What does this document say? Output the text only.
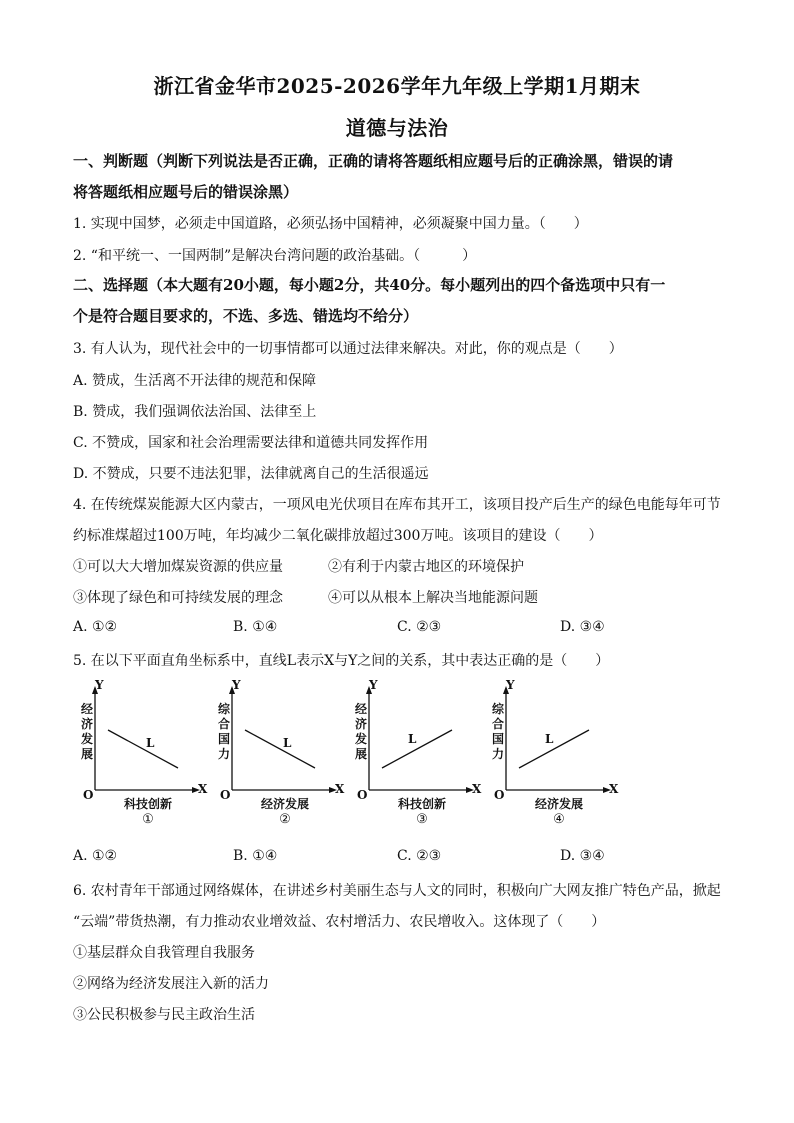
浙江省金华市2025-2026学年九年级上学期1月期末
道德与法治
一、判断题（判断下列说法是否正确，正确的请将答题纸相应题号后的正确涂黑，错误的请
将答题纸相应题号后的错误涂黑）
1. 实现中国梦，必须走中国道路，必须弘扬中国精神，必须凝聚中国力量。（　　）
2. “和平统一、一国两制”是解决台湾问题的政治基础。（　　　）
二、选择题（本大题有20小题，每小题2分，共40分。每小题列出的四个备选项中只有一
个是符合题目要求的，不选、多选、错选均不给分）
3. 有人认为，现代社会中的一切事情都可以通过法律来解决。对此，你的观点是（　　）
A. 赞成，生活离不开法律的规范和保障
B. 赞成，我们强调依法治国、法律至上
C. 不赞成，国家和社会治理需要法律和道德共同发挥作用
D. 不赞成，只要不违法犯罪，法律就离自己的生活很遥远
4. 在传统煤炭能源大区内蒙古，一项风电光伏项目在库布其开工，该项目投产后生产的绿色电能每年可节
约标准煤超过100万吨，年均减少二氧化碳排放超过300万吨。该项目的建设（　　）
①可以大大增加煤炭资源的供应量	②有利于内蒙古地区的环境保护
③体现了绿色和可持续发展的理念	④可以从根本上解决当地能源问题
A. ①②	B. ①④	C. ②③	D. ③④
5. 在以下平面直角坐标系中，直线L表示X与Y之间的关系，其中表达正确的是（　　）
Y
X
O
经济发展
L
科技创新
①
Y
X
O
综合国力
L
经济发展
②
Y
X
O
经济发展
L
科技创新
③
Y
X
O
综合国力
L
经济发展
④
A. ①②	B. ①④	C. ②③	D. ③④
6. 农村青年干部通过网络媒体，在讲述乡村美丽生态与人文的同时，积极向广大网友推广特色产品，掀起
“云端”带货热潮，有力推动农业增效益、农村增活力、农民增收入。这体现了（　　）
①基层群众自我管理自我服务
②网络为经济发展注入新的活力
③公民积极参与民主政治生活
